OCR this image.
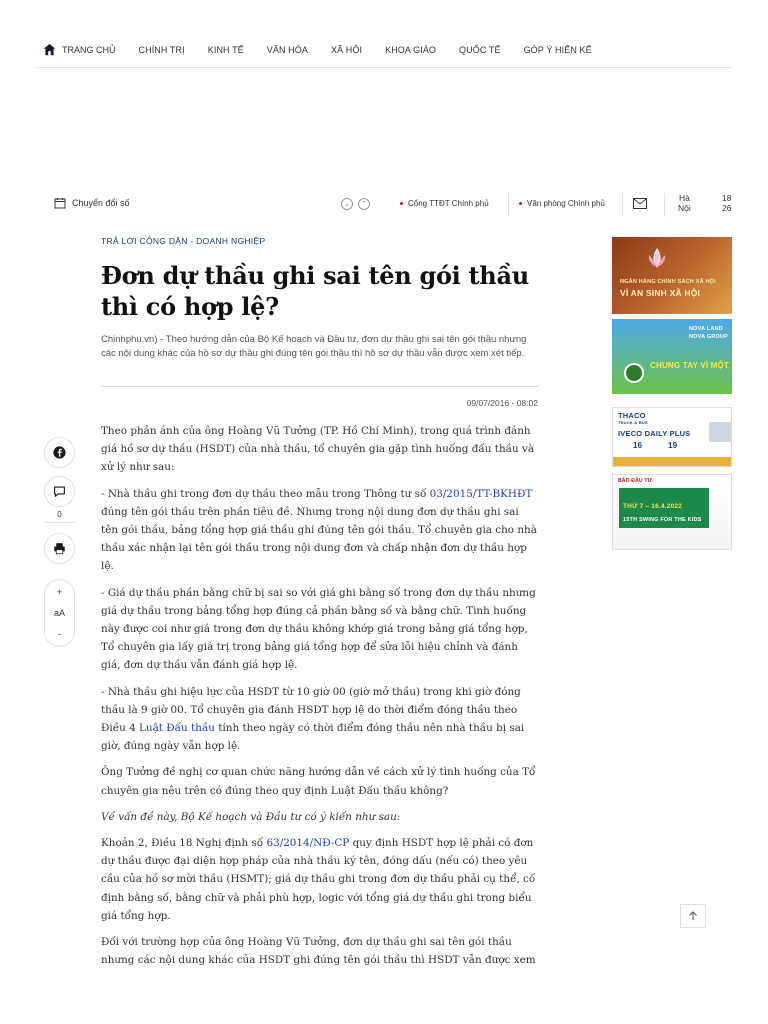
TRANG CHỦ	CHÍNH TRỊ	KINH TẾ	VĂN HÓA	XÃ HỘI	KHOA GIÁO	QUỐC TẾ	GÓP Ý HIẾN KẾ
Chuyển đổi số	⌄	⌃	Cổng TTĐT Chính phủ	Văn phòng Chính phủ
Hà
Nội
18
26
0
+
aA
-
TRẢ LỜI CÔNG DÂN - DOANH NGHIỆP
Đơn dự thầu ghi sai tên gói thầu thì có hợp lệ?
Chinhphu.vn) - Theo hướng dẫn của Bộ Kế hoạch và Đầu tư, đơn dự thầu ghi sai tên gói thầu nhưng các nội dung khác của hồ sơ dự thầu ghi đúng tên gói thầu thì hồ sơ dự thầu vẫn được xem xét tiếp.
09/07/2016 - 08:02

Theo phản ánh của ông Hoàng Vũ Tưởng (TP. Hồ Chí Minh), trong quá trình đánh giá hồ sơ dự thầu (HSDT) của nhà thầu, tổ chuyên gia gặp tình huống đấu thầu và xử lý như sau:

- Nhà thầu ghi trong đơn dự thầu theo mẫu trong Thông tư số 03/2015/TT-BKHĐT đúng tên gói thầu trên phần tiêu đề. Nhưng trong nội dung đơn dự thầu ghi sai tên gói thầu, bảng tổng hợp giá thầu ghi đúng tên gói thầu. Tổ chuyên gia cho nhà thầu xác nhận lại tên gói thầu trong nội dung đơn và chấp nhận đơn dự thầu hợp lệ.

- Giá dự thầu phần bằng chữ bị sai so với giá ghi bằng số trong đơn dự thầu nhưng giá dự thầu trong bảng tổng hợp đúng cả phần bằng số và bằng chữ. Tình huống này được coi như giá trong đơn dự thầu không khớp giá trong bảng giá tổng hợp, Tổ chuyên gia lấy giá trị trong bảng giá tổng hợp để sửa lỗi hiệu chỉnh và đánh giá, đơn dự thầu vẫn đánh giá hợp lệ.

- Nhà thầu ghi hiệu lực của HSDT từ 10 giờ 00 (giờ mở thầu) trong khi giờ đóng thầu là 9 giờ 00. Tổ chuyên gia đánh HSDT hợp lệ do thời điểm đóng thầu theo Điều 4 Luật Đấu thầu tính theo ngày có thời điểm đóng thầu nên nhà thầu bị sai giờ, đúng ngày vẫn hợp lệ.

Ông Tưởng đề nghị cơ quan chức năng hướng dẫn về cách xử lý tình huống của Tổ chuyên gia nêu trên có đúng theo quy định Luật Đấu thầu không?

Về vấn đề này, Bộ Kế hoạch và Đầu tư có ý kiến như sau:

Khoản 2, Điều 18 Nghị định số 63/2014/NĐ-CP quy định HSDT hợp lệ phải có đơn dự thầu được đại diện hợp pháp của nhà thầu ký tên, đóng dấu (nếu có) theo yêu cầu của hồ sơ mời thầu (HSMT); giá dự thầu ghi trong đơn dự thầu phải cụ thể, cố định bằng số, bằng chữ và phải phù hợp, logic với tổng giá dự thầu ghi trong biểu giá tổng hợp.

Đối với trường hợp của ông Hoàng Vũ Tưởng, đơn dự thầu ghi sai tên gói thầu nhưng các nội dung khác của HSDT ghi đúng tên gói thầu thì HSDT vẫn được xem

NGÂN HÀNG CHÍNH SÁCH XÃ HỘI
VÌ AN SINH XÃ HỘI
NOVA LAND
NOVA GROUP
CHUNG TAY VÌ MỘT
THACO
TRUCK & BUS
IVECO DAILY PLUS
16	19
BÁO ĐẦU TƯ
THỨ 7 – 16.4.2022
15TH SWING FOR THE KIDS
